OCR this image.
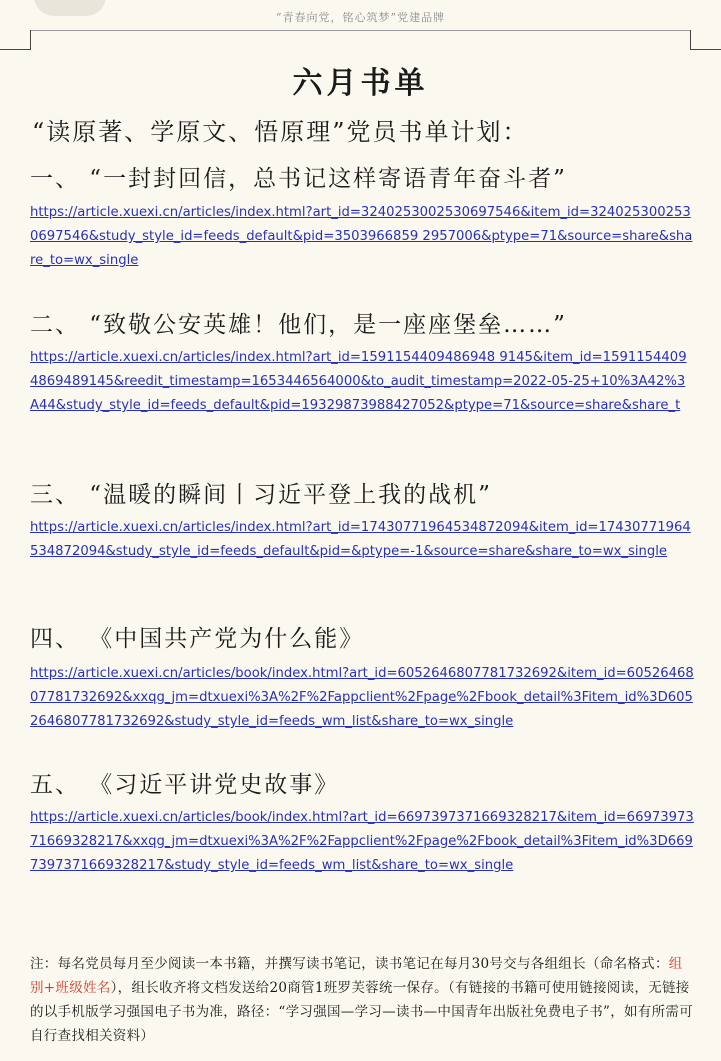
“青春向党，铭心筑梦”党建品牌
六月书单
“读原著、学原文、悟原理”党员书单计划：
一、 “一封封回信，总书记这样寄语青年奋斗者”
https://article.xuexi.cn/articles/index.html?art_id=3240253002530697546&item_id=3240253002530697546&study_style_id=feeds_default&pid=3503966859 2957006&ptype=71&source=share&share_to=wx_single
二、 “致敬公安英雄！他们，是一座座堡垒……”
https://article.xuexi.cn/articles/index.html?art_id=1591154409486948 9145&item_id=15911544094869489145&reedit_timestamp=1653446564000&to_audit_timestamp=2022-05-25+10%3A42%3A44&study_style_id=feeds_default&pid=19329873988427052&ptype=71&source=share&share_t
三、 “温暖的瞬间丨习近平登上我的战机”
https://article.xuexi.cn/articles/index.html?art_id=17430771964534872094&item_id=17430771964534872094&study_style_id=feeds_default&pid=&ptype=-1&source=share&share_to=wx_single
四、 《中国共产党为什么能》
https://article.xuexi.cn/articles/book/index.html?art_id=6052646807781732692&item_id=6052646807781732692&xxqg_jm=dtxuexi%3A%2F%2Fappclient%2Fpage%2Fbook_detail%3Fitem_id%3D6052646807781732692&study_style_id=feeds_wm_list&share_to=wx_single
五、 《习近平讲党史故事》
https://article.xuexi.cn/articles/book/index.html?art_id=6697397371669328217&item_id=6697397371669328217&xxqg_jm=dtxuexi%3A%2F%2Fappclient%2Fpage%2Fbook_detail%3Fitem_id%3D6697397371669328217&study_style_id=feeds_wm_list&share_to=wx_single
注：每名党员每月至少阅读一本书籍，并撰写读书笔记，读书笔记在每月30号交与各组组长（命名格式：组别+班级姓名），组长收齐将文档发送给20商管1班罗芙蓉统一保存。（有链接的书籍可使用链接阅读，无链接的以手机版学习强国电子书为准，路径：“学习强国—学习—读书—中国青年出版社免费电子书”，如有所需可自行查找相关资料）
